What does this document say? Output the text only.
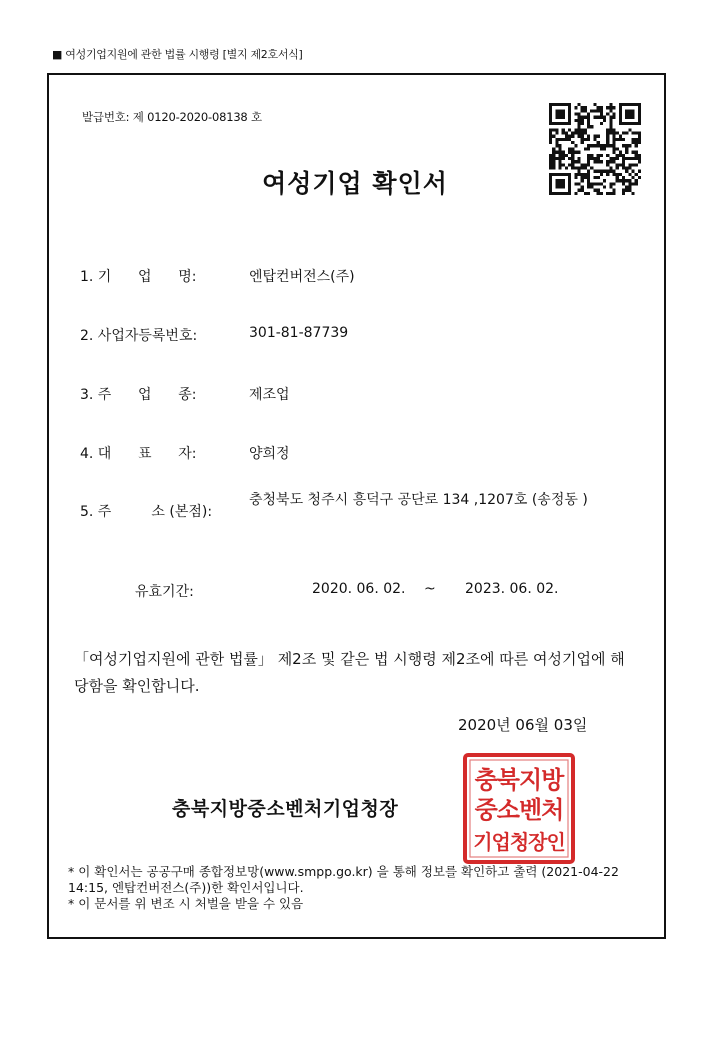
■ 여성기업지원에 관한 법률 시행령 [별지 제2호서식]
발급번호: 제 0120-2020-08138 호
여성기업 확인서
1. 기      업      명:	엔탑컨버전스(주)
2. 사업자등록번호:	301-81-87739
3. 주      업      종:	제조업
4. 대      표      자:	양희정
5. 주         소 (본점):
충청북도 청주시 흥덕구 공단로 134 ,1207호 (송정동 )
유효기간:	2020. 06. 02. ~ 2023. 06. 02.
「여성기업지원에 관한 법률」 제2조 및 같은 법 시행령 제2조에 따른 여성기업에 해당함을 확인합니다.
2020년 06월 03일
충북지방중소벤처기업청장
충북지방
중소벤처
기업청장인
* 이 확인서는 공공구매 종합정보망(www.smpp.go.kr) 을 통해 정보를 확인하고 출력 (2021-04-22 14:15, 엔탑컨버전스(주))한 확인서입니다.
* 이 문서를 위 변조 시 처벌을 받을 수 있음
